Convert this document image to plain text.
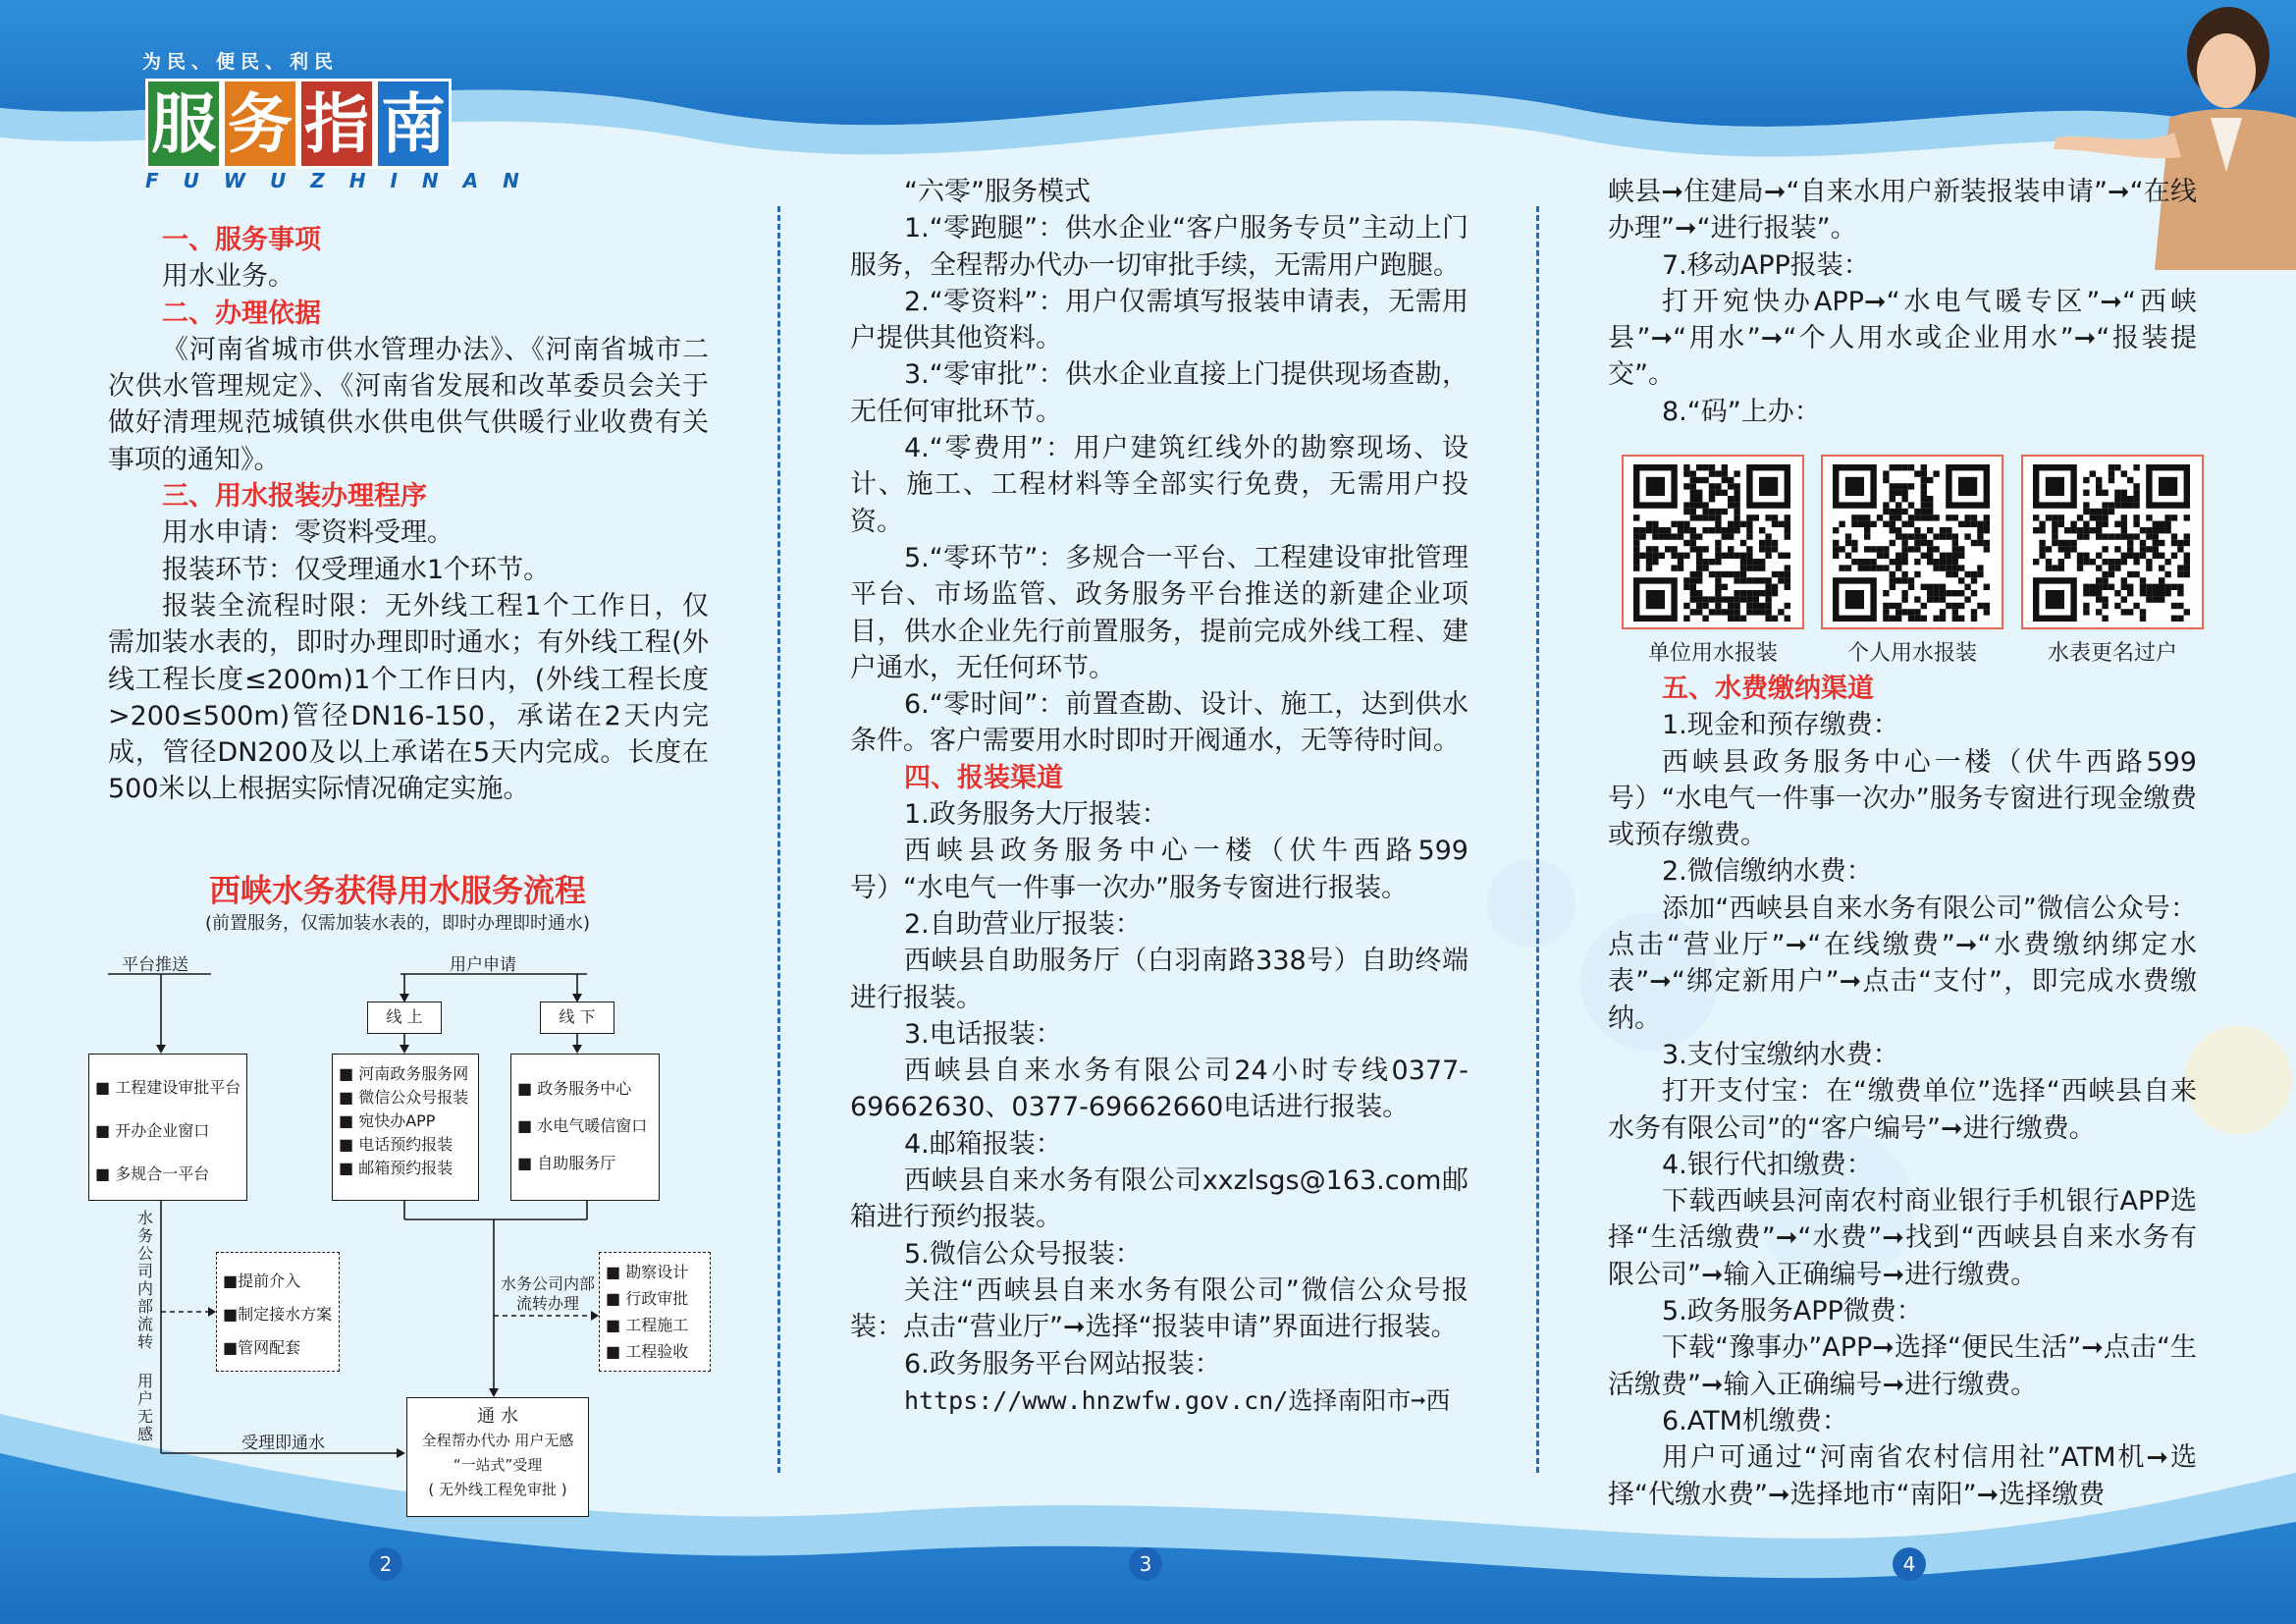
为民、便民、利民
服 务 指 南
FUWUZHINAN
一、服务事项
用水业务。
二、办理依据
《河南省城市供水管理办法》、《河南省城市二次供水管理规定》、《河南省发展和改革委员会关于做好清理规范城镇供水供电供气供暖行业收费有关事项的通知》。
三、用水报装办理程序
用水申请：零资料受理。
报装环节：仅受理通水1个环节。
报装全流程时限：无外线工程1个工作日，仅需加装水表的，即时办理即时通水；有外线工程(外线工程长度≤200m)1个工作日内，(外线工程长度>200≤500m)管径DN16-150，承诺在2天内完成，管径DN200及以上承诺在5天内完成。长度在500米以上根据实际情况确定实施。
西峡水务获得用水服务流程
(前置服务，仅需加装水表的，即时办理即时通水)
平台推送	用户申请
线 上	线 下
■ 工程建设审批平台
■ 开办企业窗口
■ 多规合一平台
■ 河南政务服务网
■ 微信公众号报装
■ 宛快办APP
■ 电话预约报装
■ 邮箱预约报装
■ 政务服务中心
■ 水电气暖信窗口
■ 自助服务厅
水务公司内部流转
用户无感
■提前介入
■制定接水方案
■管网配套
水务公司内部流转办理
■ 勘察设计
■ 行政审批
■ 工程施工
■ 工程验收
受理即通水
通 水
全程帮办代办 用户无感
“一站式”受理
( 无外线工程免审批 )
“六零”服务模式
1.“零跑腿”：供水企业“客户服务专员”主动上门服务，全程帮办代办一切审批手续，无需用户跑腿。
2.“零资料”：用户仅需填写报装申请表，无需用户提供其他资料。
3.“零审批”：供水企业直接上门提供现场查勘，无任何审批环节。
4.“零费用”：用户建筑红线外的勘察现场、设计、施工、工程材料等全部实行免费，无需用户投资。
5.“零环节”：多规合一平台、工程建设审批管理平台、市场监管、政务服务平台推送的新建企业项目，供水企业先行前置服务，提前完成外线工程、建户通水，无任何环节。
6.“零时间”：前置查勘、设计、施工，达到供水条件。客户需要用水时即时开阀通水，无等待时间。
四、报装渠道
1.政务服务大厅报装：
西峡县政务服务中心一楼（伏牛西路599号）“水电气一件事一次办”服务专窗进行报装。
2.自助营业厅报装：
西峡县自助服务厅（白羽南路338号）自助终端进行报装。
3.电话报装：
西峡县自来水务有限公司24小时专线0377-69662630、0377-69662660电话进行报装。
4.邮箱报装：
西峡县自来水务有限公司xxzlsgs@163.com邮箱进行预约报装。
5.微信公众号报装：
关注“西峡县自来水务有限公司”微信公众号报装：点击“营业厅”➞选择“报装申请”界面进行报装。
6.政务服务平台网站报装：
https://www.hnzwfw.gov.cn/选择南阳市➞西
峡县➞住建局➞“自来水用户新装报装申请”➞“在线办理”➞“进行报装”。
7.移动APP报装：
打开宛快办APP➞“水电气暖专区”➞“西峡县”➞“用水”➞“个人用水或企业用水”➞“报装提交”。
8.“码”上办：
单位用水报装	个人用水报装	水表更名过户
五、水费缴纳渠道
1.现金和预存缴费：
西峡县政务服务中心一楼（伏牛西路599号）“水电气一件事一次办”服务专窗进行现金缴费或预存缴费。
2.微信缴纳水费：
添加“西峡县自来水务有限公司”微信公众号：点击“营业厅”➞“在线缴费”➞“水费缴纳绑定水表”➞“绑定新用户”➞点击“支付”，即完成水费缴纳。
3.支付宝缴纳水费：
打开支付宝：在“缴费单位”选择“西峡县自来水务有限公司”的“客户编号”➞进行缴费。
4.银行代扣缴费：
下载西峡县河南农村商业银行手机银行APP选择“生活缴费”➞“水费”➞找到“西峡县自来水务有限公司”➞输入正确编号➞进行缴费。
5.政务服务APP微费：
下载“豫事办”APP➞选择“便民生活”➞点击“生活缴费”➞输入正确编号➞进行缴费。
6.ATM机缴费：
用户可通过“河南省农村信用社”ATM机➞选择“代缴水费”➞选择地市“南阳”➞选择缴费
2	3	4
